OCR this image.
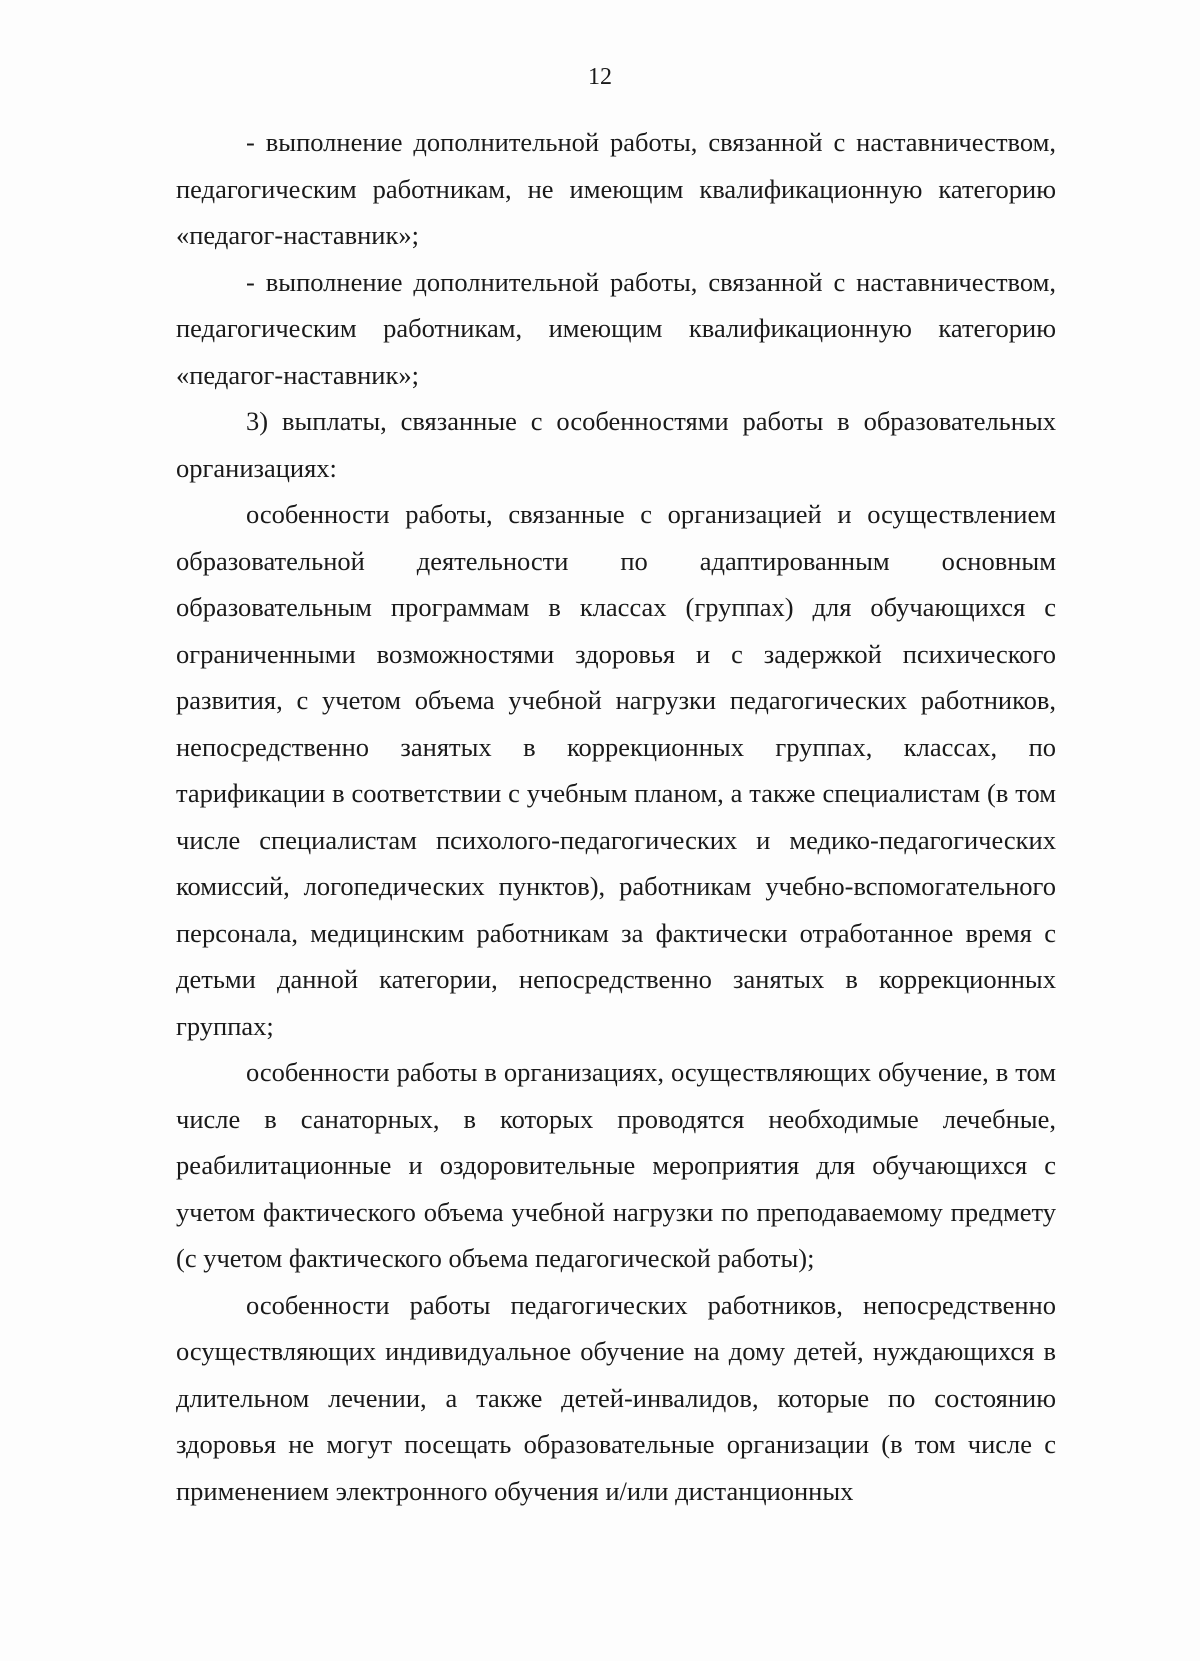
12

- выполнение дополнительной работы, связанной с наставничеством, педагогическим работникам, не имеющим квалификационную категорию «педагог-наставник»;

- выполнение дополнительной работы, связанной с наставничеством, педагогическим работникам, имеющим квалификационную категорию «педагог-наставник»;

3) выплаты, связанные с особенностями работы в образовательных организациях:

особенности работы, связанные с организацией и осуществлением образовательной деятельности по адаптированным основным образовательным программам в классах (группах) для обучающихся с ограниченными возможностями здоровья и с задержкой психического развития, с учетом объема учебной нагрузки педагогических работников, непосредственно занятых в коррекционных группах, классах, по тарификации в соответствии с учебным планом, а также специалистам (в том числе специалистам психолого-педагогических и медико-педагогических комиссий, логопедических пунктов), работникам учебно-вспомогательного персонала, медицинским работникам за фактически отработанное время с детьми данной категории, непосредственно занятых в коррекционных группах;

особенности работы в организациях, осуществляющих обучение, в том числе в санаторных, в которых проводятся необходимые лечебные, реабилитационные и оздоровительные мероприятия для обучающихся с учетом фактического объема учебной нагрузки по преподаваемому предмету (с учетом фактического объема педагогической работы);

особенности работы педагогических работников, непосредственно осуществляющих индивидуальное обучение на дому детей, нуждающихся в длительном лечении, а также детей-инвалидов, которые по состоянию здоровья не могут посещать образовательные организации (в том числе с применением электронного обучения и/или дистанционных
